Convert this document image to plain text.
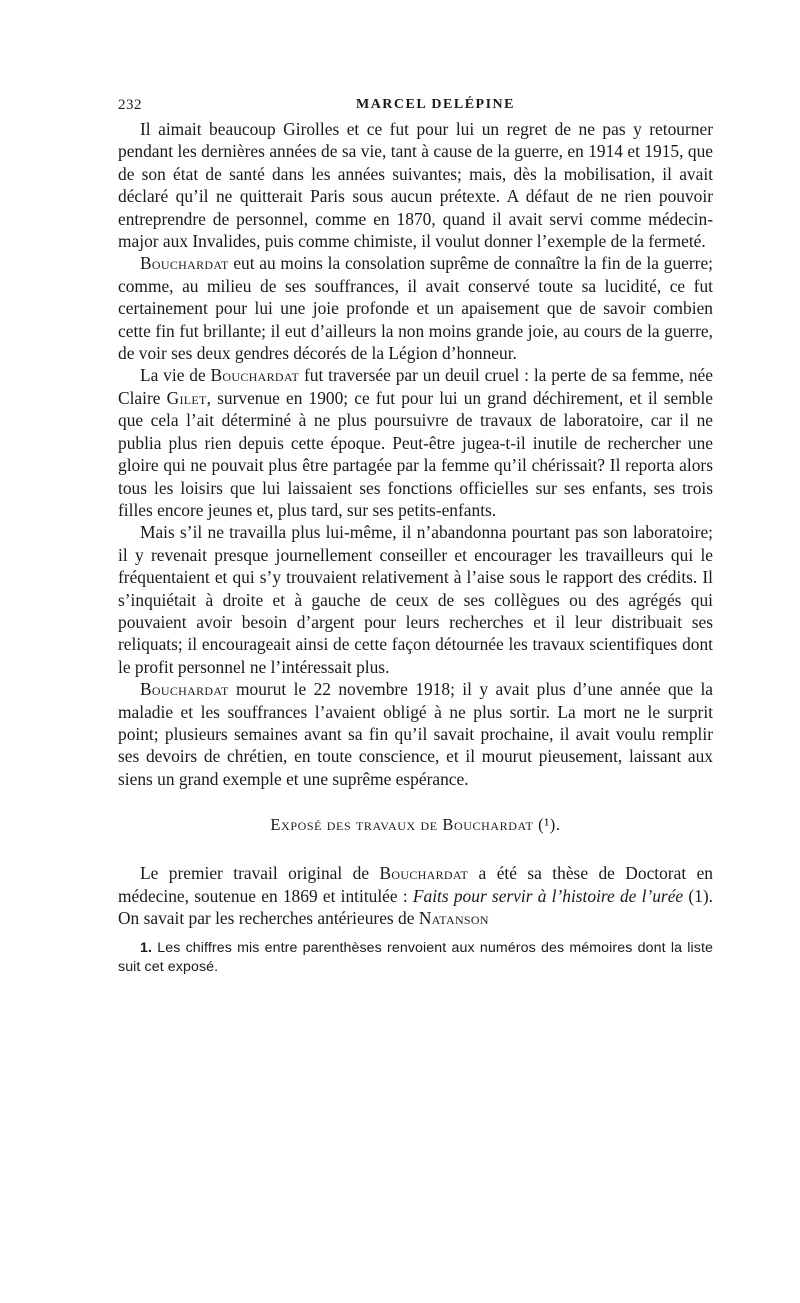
232	MARCEL DELÉPINE

Il aimait beaucoup Girolles et ce fut pour lui un regret de ne pas y retourner pendant les dernières années de sa vie, tant à cause de la guerre, en 1914 et 1915, que de son état de santé dans les années suivantes; mais, dès la mobilisation, il avait déclaré qu’il ne quitterait Paris sous aucun prétexte. A défaut de ne rien pouvoir entreprendre de personnel, comme en 1870, quand il avait servi comme médecin-major aux Invalides, puis comme chimiste, il voulut donner l’exemple de la fermeté.

Bouchardat eut au moins la consolation suprême de connaître la fin de la guerre; comme, au milieu de ses souffrances, il avait conservé toute sa lucidité, ce fut certainement pour lui une joie profonde et un apaisement que de savoir combien cette fin fut brillante; il eut d’ailleurs la non moins grande joie, au cours de la guerre, de voir ses deux gendres décorés de la Légion d’honneur.

La vie de Bouchardat fut traversée par un deuil cruel : la perte de sa femme, née Claire Gilet, survenue en 1900; ce fut pour lui un grand déchirement, et il semble que cela l’ait déterminé à ne plus poursuivre de travaux de laboratoire, car il ne publia plus rien depuis cette époque. Peut-être jugea-t-il inutile de rechercher une gloire qui ne pouvait plus être partagée par la femme qu’il chérissait? Il reporta alors tous les loisirs que lui laissaient ses fonctions officielles sur ses enfants, ses trois filles encore jeunes et, plus tard, sur ses petits-enfants.

Mais s’il ne travailla plus lui-même, il n’abandonna pourtant pas son laboratoire; il y revenait presque journellement conseiller et encourager les travailleurs qui le fréquentaient et qui s’y trouvaient relativement à l’aise sous le rapport des crédits. Il s’inquiétait à droite et à gauche de ceux de ses collègues ou des agrégés qui pouvaient avoir besoin d’argent pour leurs recherches et il leur distribuait ses reliquats; il encourageait ainsi de cette façon détournée les travaux scientifiques dont le profit personnel ne l’intéressait plus.

Bouchardat mourut le 22 novembre 1918; il y avait plus d’une année que la maladie et les souffrances l’avaient obligé à ne plus sortir. La mort ne le surprit point; plusieurs semaines avant sa fin qu’il savait prochaine, il avait voulu remplir ses devoirs de chrétien, en toute conscience, et il mourut pieusement, laissant aux siens un grand exemple et une suprême espérance.

Exposé des travaux de Bouchardat (¹).

Le premier travail original de Bouchardat a été sa thèse de Doctorat en médecine, soutenue en 1869 et intitulée : Faits pour servir à l’histoire de l’urée (1). On savait par les recherches antérieures de Natanson

1. Les chiffres mis entre parenthèses renvoient aux numéros des mémoires dont la liste suit cet exposé.
